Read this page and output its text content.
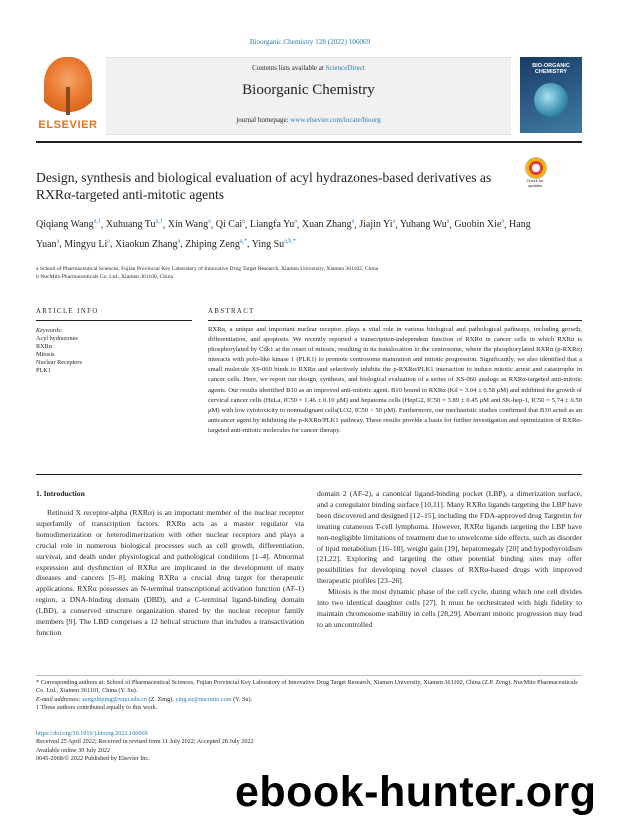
Bioorganic Chemistry 128 (2022) 106069
ELSEVIER
Contents lists available at ScienceDirect
Bioorganic Chemistry
journal homepage: www.elsevier.com/locate/bioorg
BIO-ORGANIC CHEMISTRY
Design, synthesis and biological evaluation of acyl hydrazones-based derivatives as RXRα-targeted anti-mitotic agents
Check for updates
Qiqiang Wang$^{a,1}$, Xuhuang Tu$^{a,1}$, Xin Wang$^a$, Qi Cai$^a$, Liangfa Yu$^a$, Xuan Zhang$^a$, Jiajin Yi$^a$, Yuhang Wu$^a$, Guobin Xie$^a$, Hang Yuan$^a$, Mingyu Li$^a$, Xiaokun Zhang$^a$, Zhiping Zeng$^{a,*}$, Ying $Su^{a,b,*}$
a School of Pharmaceutical Sciences, Fujian Provincial Key Laboratory of Innovative Drug Target Research, Xiamen University, Xiamen 361102, China
b NucMito Pharmaceuticals Co. Ltd., Xiamen 361100, China
ARTICLE INFO	ABSTRACT
Keywords:
Acyl hydrazones
RXRα
Mitosis
Nuclear Receptors
PLK1
RXRα, a unique and important nuclear receptor, plays a vital role in various biological and pathological pathways, including growth, differentiation, and apoptosis. We recently reported a transcription-independent function of RXRα in cancer cells in which RXRα is phosphorylated by Cdk1 at the onset of mitosis, resulting in its translocation to the centrosome, where the phosphorylated RXRα (p-RXRα) interacts with polo-like kinase 1 (PLK1) to promote centrosome maturation and mitotic progression. Significantly, we also identified that a small molecule XS-060 binds to RXRα and selectively inhibits the p-RXRα/PLK1 interaction to induce mitotic arrest and catastrophe in cancer cells. Here, we report our design, synthesis, and biological evaluation of a series of XS-060 analogs as RXRα-targeted anti-mitotic agents. Our results identified B10 as an improved anti-mitotic agent. B10 bound to RXRα (Kd = 3.04 ± 0.58 μM) and inhibited the growth of cervical cancer cells (HeLa, IC50 = 1.46 ± 0.10 μM) and hepatoma cells (HepG2, IC50 = 3.89 ± 0.45 μM and SK-hep-1, IC50 = 5.74 ± 0.50 μM) with low cytotoxicity to nonmalignant cells(LO2, IC50 > 50 μM). Furthermore, our mechanistic studies confirmed that B10 acted as an anticancer agent by inhibiting the p-RXRα/PLK1 pathway. These results provide a basis for further investigation and optimization of RXRα-targeted anti-mitotic molecules for cancer therapy.
1. Introduction

Retinoid X receptor-alpha (RXRα) is an important member of the nuclear receptor superfamily of transcription factors. RXRα acts as a master regulator via homodimerization or heterodimerization with other nuclear receptors and plays a crucial role in numerous biological processes such as cell growth, differentiation, survival, and death under physiological and pathological conditions [1–4]. Abnormal expression and dysfunction of RXRα are implicated in the development of many diseases and cancers [5–8], making RXRα a crucial drug target for therapeutic applications. RXRα possesses an N-terminal transcriptional activation function (AF-1) region, a DNA-binding domain (DBD), and a C-terminal ligand-binding domain (LBD), a conserved structure organization shared by the nuclear receptor family members [9]. The LBD comprises a 12 helical structure that includes a transactivation function

domain 2 (AF-2), a canonical ligand-binding pocket (LBP), a dimerization surface, and a coregulator binding surface [10,11]. Many RXRα ligands targeting the LBP have been discovered and designed [12–15], including the FDA-approved drug Targretin for treating cutaneous T-cell lymphoma. However, RXRα ligands targeting the LBP have non-negligible limitations of treatment due to unwelcome side effects, such as disorder of lipid metabolism [16–18], weight gain [19], hepatomegaly [20] and hypothyroidism [21,22]. Exploring and targeting the other potential binding sites may offer possibilities for developing novel classes of RXRα-based drugs with improved therapeutic profiles [23–26].

Mitosis is the most dynamic phase of the cell cycle, during which one cell divides into two identical daughter cells [27]. It must be orchestrated with high fidelity to maintain chromosome stability in cells [28,29]. Aberrant mitotic progression may lead to an uncontrolled

* Corresponding authors at: School of Pharmaceutical Sciences, Fujian Provincial Key Laboratory of Innovative Drug Target Research, Xiamen University, Xiamen 361102, China (Z.P. Zeng). NucMito Pharmaceuticals Co. Ltd., Xiamen 361101, China (Y. Su).

E-mail addresses: zengzhiping@xmu.edu.cn (Z. Zeng), ying.su@nucmito.com (Y. Su).

1 These authors contributed equally to this work.

https://doi.org/10.1016/j.bioorg.2022.106069

Received 25 April 2022; Received in revised form 11 July 2022; Accepted 28 July 2022

Available online 30 July 2022

0045-2068/© 2022 Published by Elsevier Inc.

ebook-hunter.org
